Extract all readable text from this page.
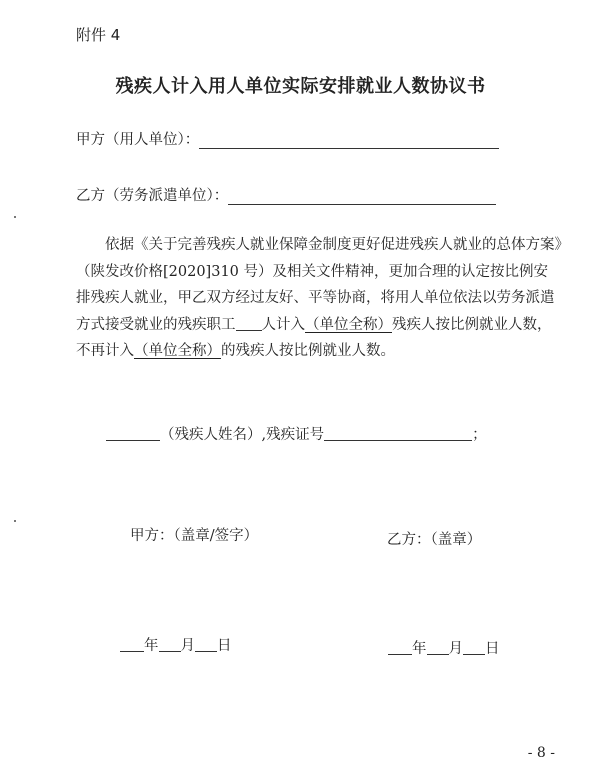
附件 4
残疾人计入用人单位实际安排就业人数协议书
甲方（用人单位）：
乙方（劳务派遣单位）：

依据《关于完善残疾人就业保障金制度更好促进残疾人就业的总体方案》（陕发改价格[2020]310 号）及相关文件精神，更加合理的认定按比例安排残疾人就业，甲乙双方经过友好、平等协商，将用人单位依法以劳务派遣方式接受就业的残疾职工 人计入（单位全称）残疾人按比例就业人数，不再计入（单位全称）的残疾人按比例就业人数。

（残疾人姓名）,残疾证号	；
甲方：（盖章/签字）	乙方：（盖章）
年 月 日	年 月 日
- 8 -
